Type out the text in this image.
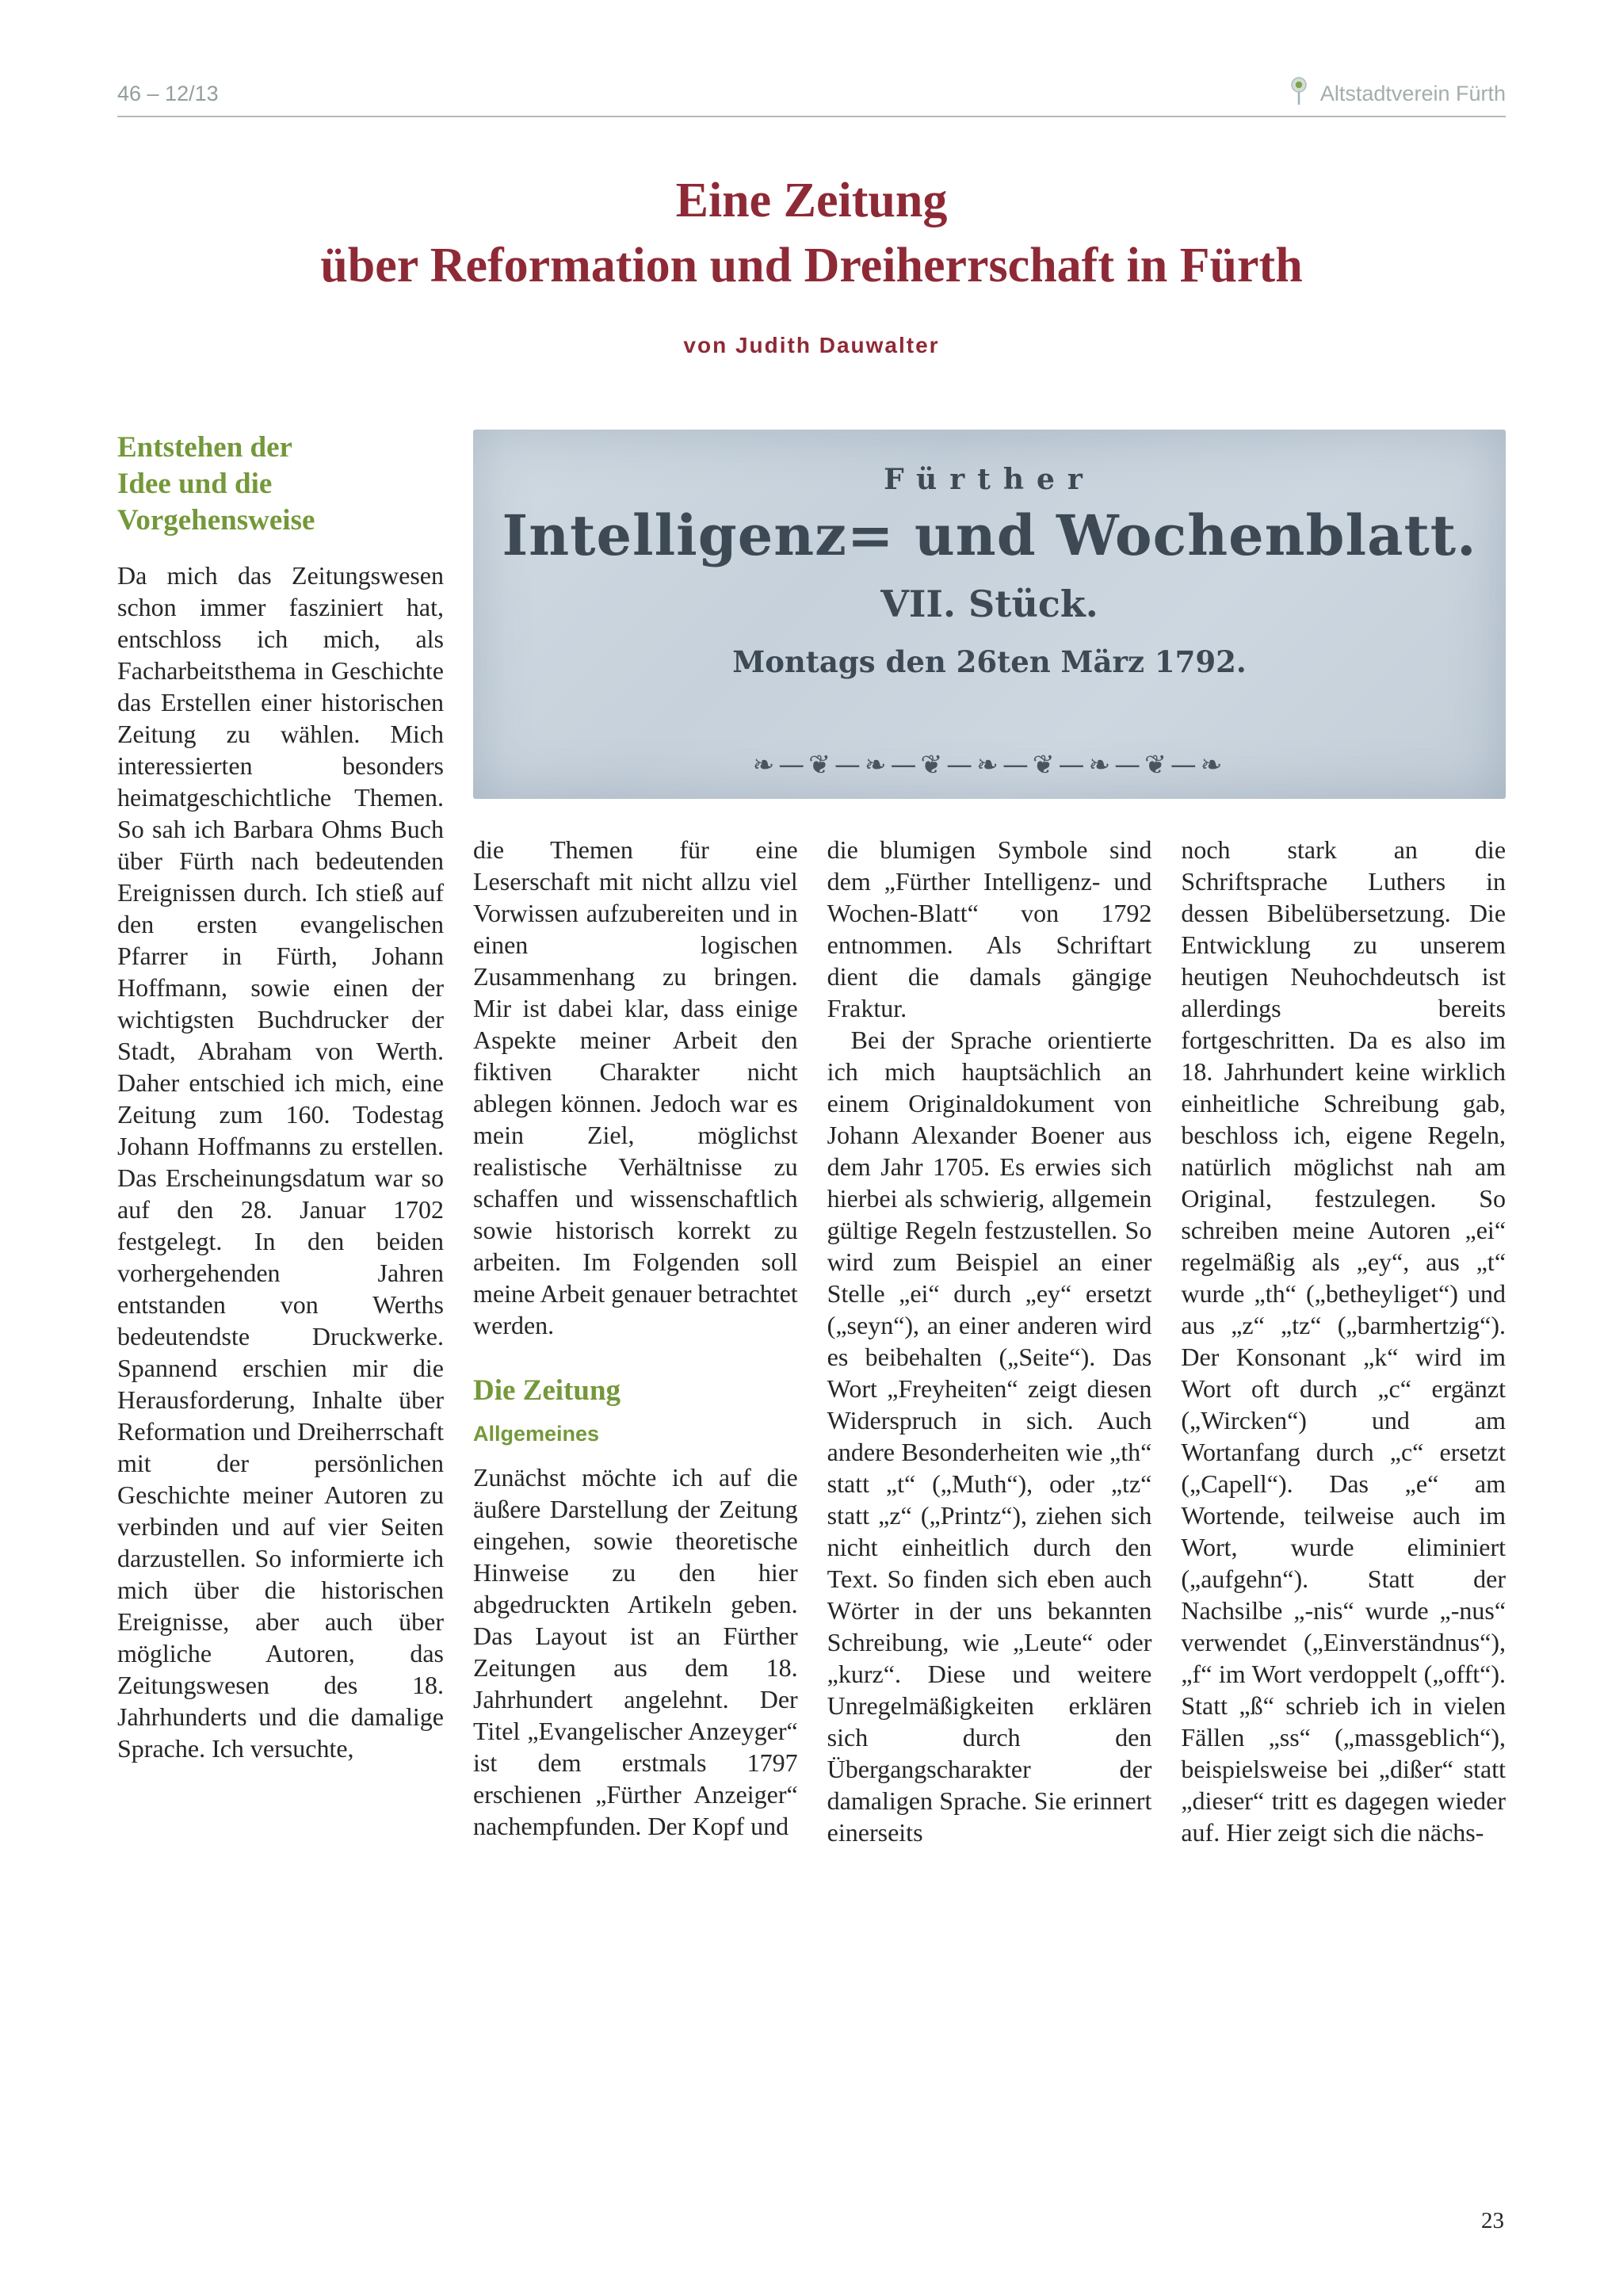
46 – 12/13	Altstadtverein Fürth
Eine Zeitung
über Reformation und Dreiherrschaft in Fürth
von Judith Dauwalter
Entstehen der
Idee und die
Vorgehensweise

Da mich das Zeitungswesen schon immer fasziniert hat, entschloss ich mich, als Facharbeitsthema in Geschichte das Erstellen einer historischen Zeitung zu wählen. Mich interessierten besonders heimatgeschichtliche Themen. So sah ich Barbara Ohms Buch über Fürth nach bedeutenden Ereignissen durch. Ich stieß auf den ersten evangelischen Pfarrer in Fürth, Johann Hoffmann, sowie einen der wichtigsten Buchdrucker der Stadt, Abraham von Werth. Daher entschied ich mich, eine Zeitung zum 160. Todestag Johann Hoffmanns zu erstellen. Das Erscheinungsdatum war so auf den 28. Januar 1702 festgelegt. In den beiden vorhergehenden Jahren entstanden von Werths bedeutendste Druckwerke. Spannend erschien mir die Herausforderung, Inhalte über Reformation und Dreiherrschaft mit der persönlichen Geschichte meiner Autoren zu verbinden und auf vier Seiten darzustellen. So informierte ich mich über die historischen Ereignisse, aber auch über mögliche Autoren, das Zeitungswesen des 18. Jahrhunderts und die damalige Sprache. Ich versuchte,

Fürther
Intelligenz= und Wochenblatt.
VII. Stück.
Montags den 26ten März 1792.
❧—❦—❧—❦—❧—❦—❧—❦—❧

die Themen für eine Leserschaft mit nicht allzu viel Vorwissen aufzubereiten und in einen logischen Zusammenhang zu bringen. Mir ist dabei klar, dass einige Aspekte meiner Arbeit den fiktiven Charakter nicht ablegen können. Jedoch war es mein Ziel, möglichst realistische Verhältnisse zu schaffen und wissenschaftlich sowie historisch korrekt zu arbeiten. Im Folgenden soll meine Arbeit genauer betrachtet werden.

Die Zeitung
Allgemeines

Zunächst möchte ich auf die äußere Darstellung der Zeitung eingehen, sowie theoretische Hinweise zu den hier abgedruckten Artikeln geben. Das Layout ist an Fürther Zeitungen aus dem 18. Jahrhundert angelehnt. Der Titel „Evangelischer Anzeyger“ ist dem erstmals 1797 erschienen „Fürther Anzeiger“ nachempfunden. Der Kopf und

die blumigen Symbole sind dem „Fürther Intelligenz- und Wochen-Blatt“ von 1792 entnommen. Als Schriftart dient die damals gängige Fraktur.

Bei der Sprache orientierte ich mich hauptsächlich an einem Originaldokument von Johann Alexander Boener aus dem Jahr 1705. Es erwies sich hierbei als schwierig, allgemein gültige Regeln festzustellen. So wird zum Beispiel an einer Stelle „ei“ durch „ey“ ersetzt („seyn“), an einer anderen wird es beibehalten („Seite“). Das Wort „Freyheiten“ zeigt diesen Widerspruch in sich. Auch andere Besonderheiten wie „th“ statt „t“ („Muth“), oder „tz“ statt „z“ („Printz“), ziehen sich nicht einheitlich durch den Text. So finden sich eben auch Wörter in der uns bekannten Schreibung, wie „Leute“ oder „kurz“. Diese und weitere Unregelmäßigkeiten erklären sich durch den Übergangscharakter der damaligen Sprache. Sie erinnert einerseits

noch stark an die Schriftsprache Luthers in dessen Bibelübersetzung. Die Entwicklung zu unserem heutigen Neuhochdeutsch ist allerdings bereits fortgeschritten. Da es also im 18. Jahrhundert keine wirklich einheitliche Schreibung gab, beschloss ich, eigene Regeln, natürlich möglichst nah am Original, festzulegen. So schreiben meine Autoren „ei“ regelmäßig als „ey“, aus „t“ wurde „th“ („betheyliget“) und aus „z“ „tz“ („barmhertzig“). Der Konsonant „k“ wird im Wort oft durch „c“ ergänzt („Wircken“) und am Wortanfang durch „c“ ersetzt („Capell“). Das „e“ am Wortende, teilweise auch im Wort, wurde eliminiert („aufgehn“). Statt der Nachsilbe „-nis“ wurde „-nus“ verwendet („Einverständnus“), „f“ im Wort verdoppelt („offt“). Statt „ß“ schrieb ich in vielen Fällen „ss“ („massgeblich“), beispielsweise bei „dißer“ statt „dieser“ tritt es dagegen wieder auf. Hier zeigt sich die nächs-

23
